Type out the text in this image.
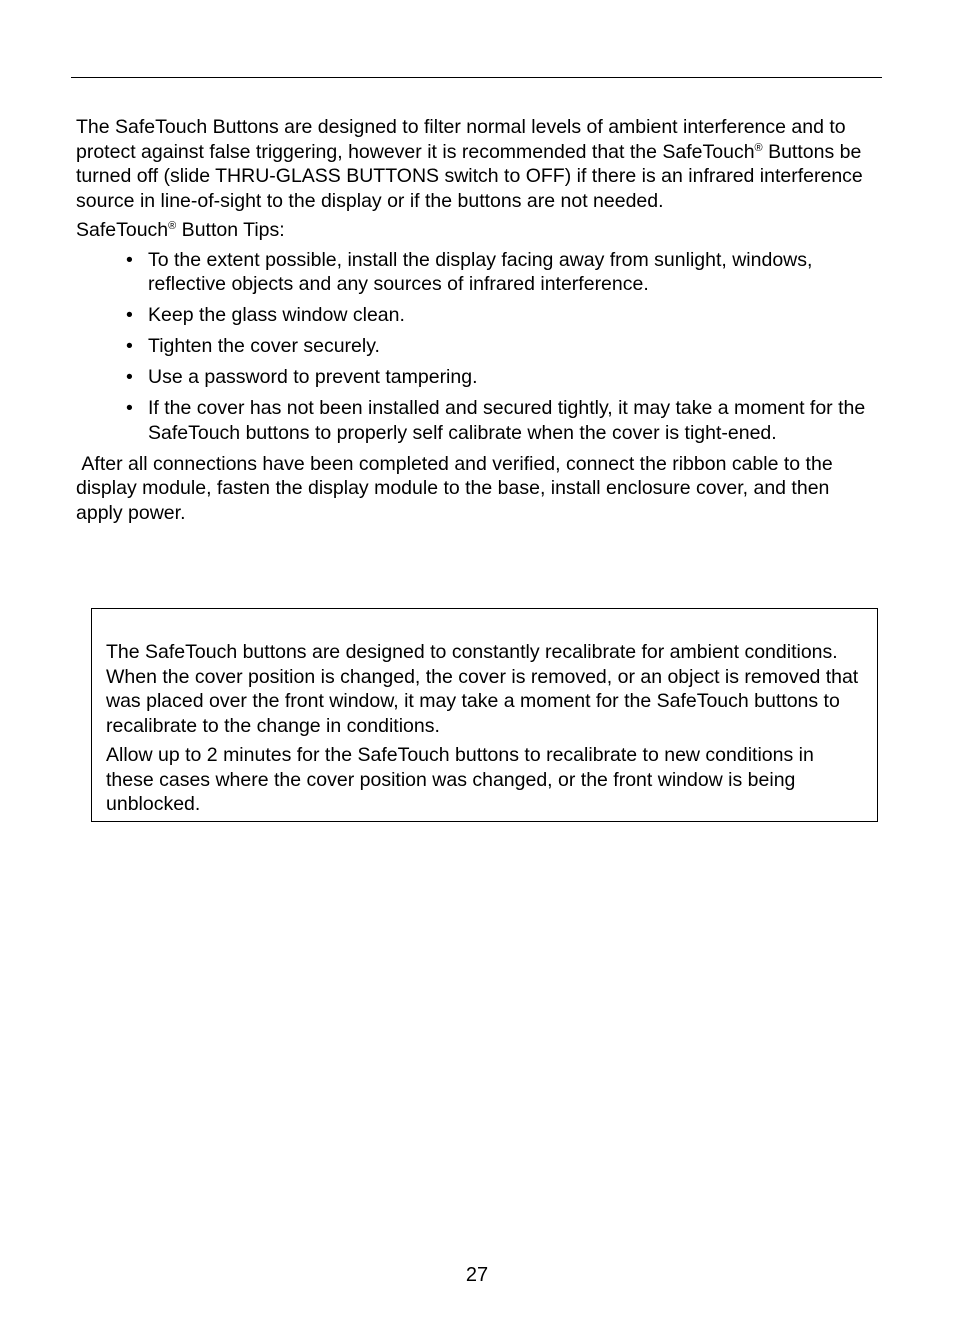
The SafeTouch Buttons are designed to filter normal levels of ambient interference and to protect against false triggering, however it is recommended that the SafeTouch® Buttons be turned off (slide THRU-GLASS BUTTONS switch to OFF) if there is an infrared interference source in line-of-sight to the display or if the buttons are not needed.

SafeTouch® Button Tips:

• To the extent possible, install the display facing away from sunlight, windows, reflective objects and any sources of infrared interference.
• Keep the glass window clean.
• Tighten the cover securely.
• Use a password to prevent tampering.
• If the cover has not been installed and secured tightly, it may take a moment for the SafeTouch buttons to properly self calibrate when the cover is tight-ened.

After all connections have been completed and verified, connect the ribbon cable to the display module, fasten the display module to the base, install enclosure cover, and then apply power.

The SafeTouch buttons are designed to constantly recalibrate for ambient conditions. When the cover position is changed, the cover is removed, or an object is removed that was placed over the front window, it may take a moment for the SafeTouch buttons to recalibrate to the change in conditions.

Allow up to 2 minutes for the SafeTouch buttons to recalibrate to new conditions in these cases where the cover position was changed, or the front window is being unblocked.

27
